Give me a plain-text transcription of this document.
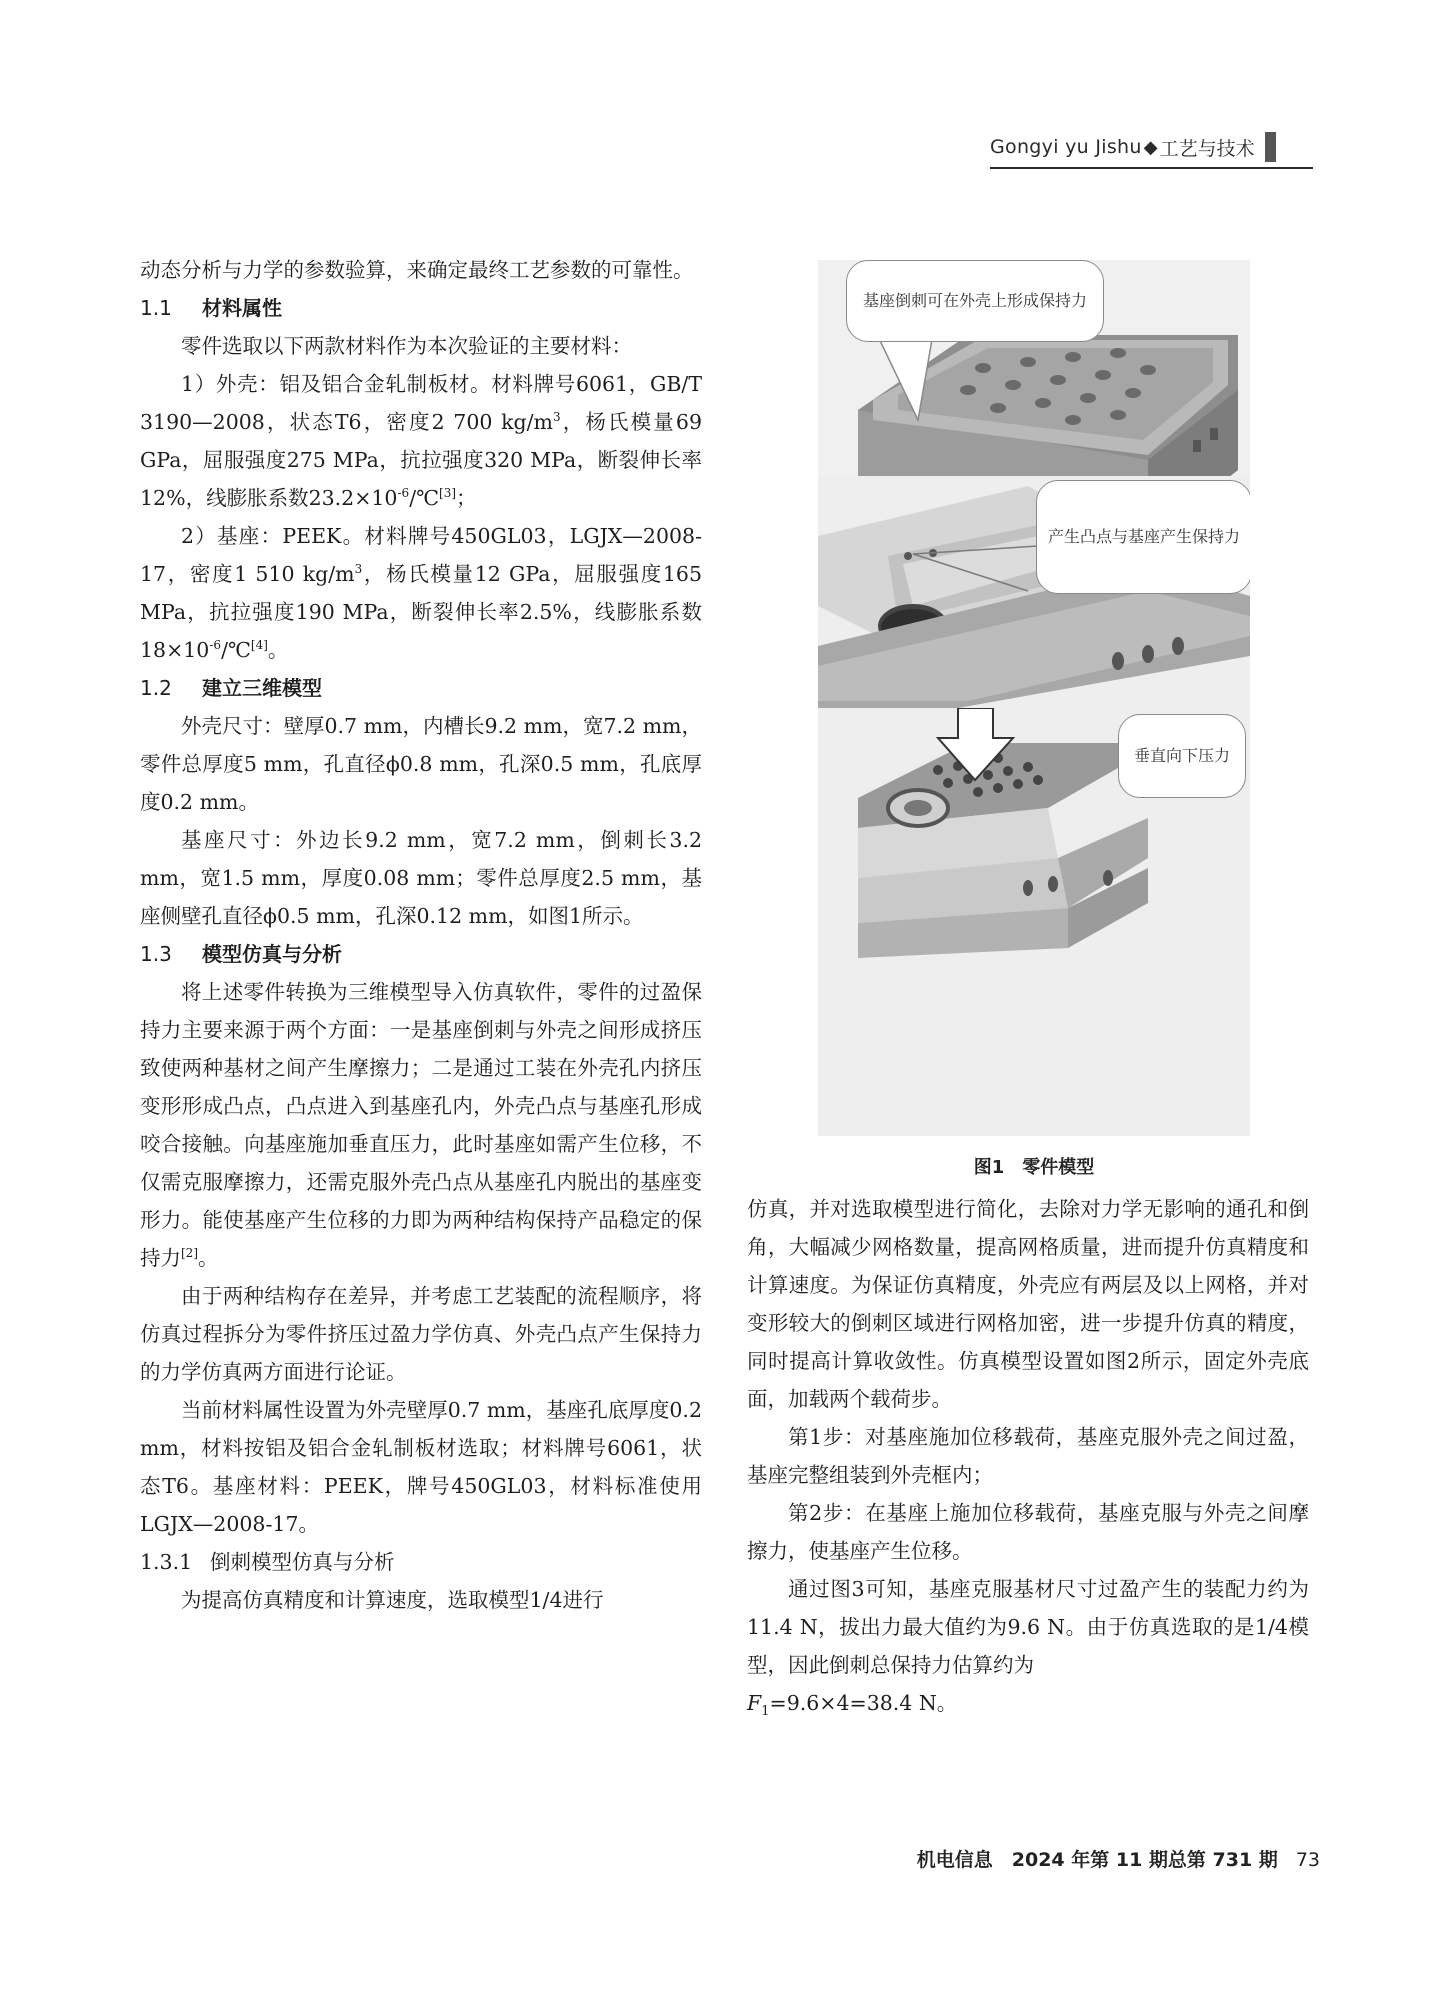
Gongyi yu Jishu ◆ 工艺与技术

动态分析与力学的参数验算，来确定最终工艺参数的可靠性。

1.1 材料属性

零件选取以下两款材料作为本次验证的主要材料：

1）外壳：铝及铝合金轧制板材。材料牌号6061，GB/T 3190—2008，状态T6，密度2 700 $kg/m^3$，杨氏模量69 GPa，屈服强度275 MPa，抗拉强度320 MPa，断裂伸长率12%，线膨胀系数$23.2\times 10^{-6}/℃[3]$；

2）基座：PEEK。材料牌号450GL03，LGJX—2008-17，密度1 510 $kg/m^3$，杨氏模量12 GPa，屈服强度165 MPa，抗拉强度190 MPa，断裂伸长率2.5%，线膨胀系数$18\times 10^{-6}/℃[4]$。

1.2 建立三维模型

外壳尺寸：壁厚0.7 mm，内槽长9.2 mm，宽7.2 mm，零件总厚度5 mm，孔直径ϕ0.8 mm，孔深0.5 mm，孔底厚度0.2 mm。

基座尺寸：外边长9.2 mm，宽7.2 mm，倒刺长3.2 mm，宽1.5 mm，厚度0.08 mm；零件总厚度2.5 mm，基座侧壁孔直径ϕ0.5 mm，孔深0.12 mm，如图1所示。

1.3 模型仿真与分析

将上述零件转换为三维模型导入仿真软件，零件的过盈保持力主要来源于两个方面：一是基座倒刺与外壳之间形成挤压致使两种基材之间产生摩擦力；二是通过工装在外壳孔内挤压变形形成凸点，凸点进入到基座孔内，外壳凸点与基座孔形成咬合接触。向基座施加垂直压力，此时基座如需产生位移，不仅需克服摩擦力，还需克服外壳凸点从基座孔内脱出的基座变形力。能使基座产生位移的力即为两种结构保持产品稳定的保持力[2]。

由于两种结构存在差异，并考虑工艺装配的流程顺序，将仿真过程拆分为零件挤压过盈力学仿真、外壳凸点产生保持力的力学仿真两方面进行论证。

当前材料属性设置为外壳壁厚0.7 mm，基座孔底厚度0.2 mm，材料按铝及铝合金轧制板材选取；材料牌号6061，状态T6。基座材料：PEEK，牌号450GL03，材料标准使用LGJX—2008-17。

1.3.1 倒刺模型仿真与分析

为提高仿真精度和计算速度，选取模型1/4进行

基座倒刺可在外壳上形成保持力
产生凸点与基座产生保持力
垂直向下压力
图1 零件模型

仿真，并对选取模型进行简化，去除对力学无影响的通孔和倒角，大幅减少网格数量，提高网格质量，进而提升仿真精度和计算速度。为保证仿真精度，外壳应有两层及以上网格，并对变形较大的倒刺区域进行网格加密，进一步提升仿真的精度，同时提高计算收敛性。仿真模型设置如图2所示，固定外壳底面，加载两个载荷步。

第1步：对基座施加位移载荷，基座克服外壳之间过盈，基座完整组装到外壳框内；

第2步：在基座上施加位移载荷，基座克服与外壳之间摩擦力，使基座产生位移。

通过图3可知，基座克服基材尺寸过盈产生的装配力约为11.4 N，拔出力最大值约为9.6 N。由于仿真选取的是1/4模型，因此倒刺总保持力估算约为

$F_1=9.6\times 4=38.4$ N。

机电信息　2024 年第 11 期总第 731 期 73
